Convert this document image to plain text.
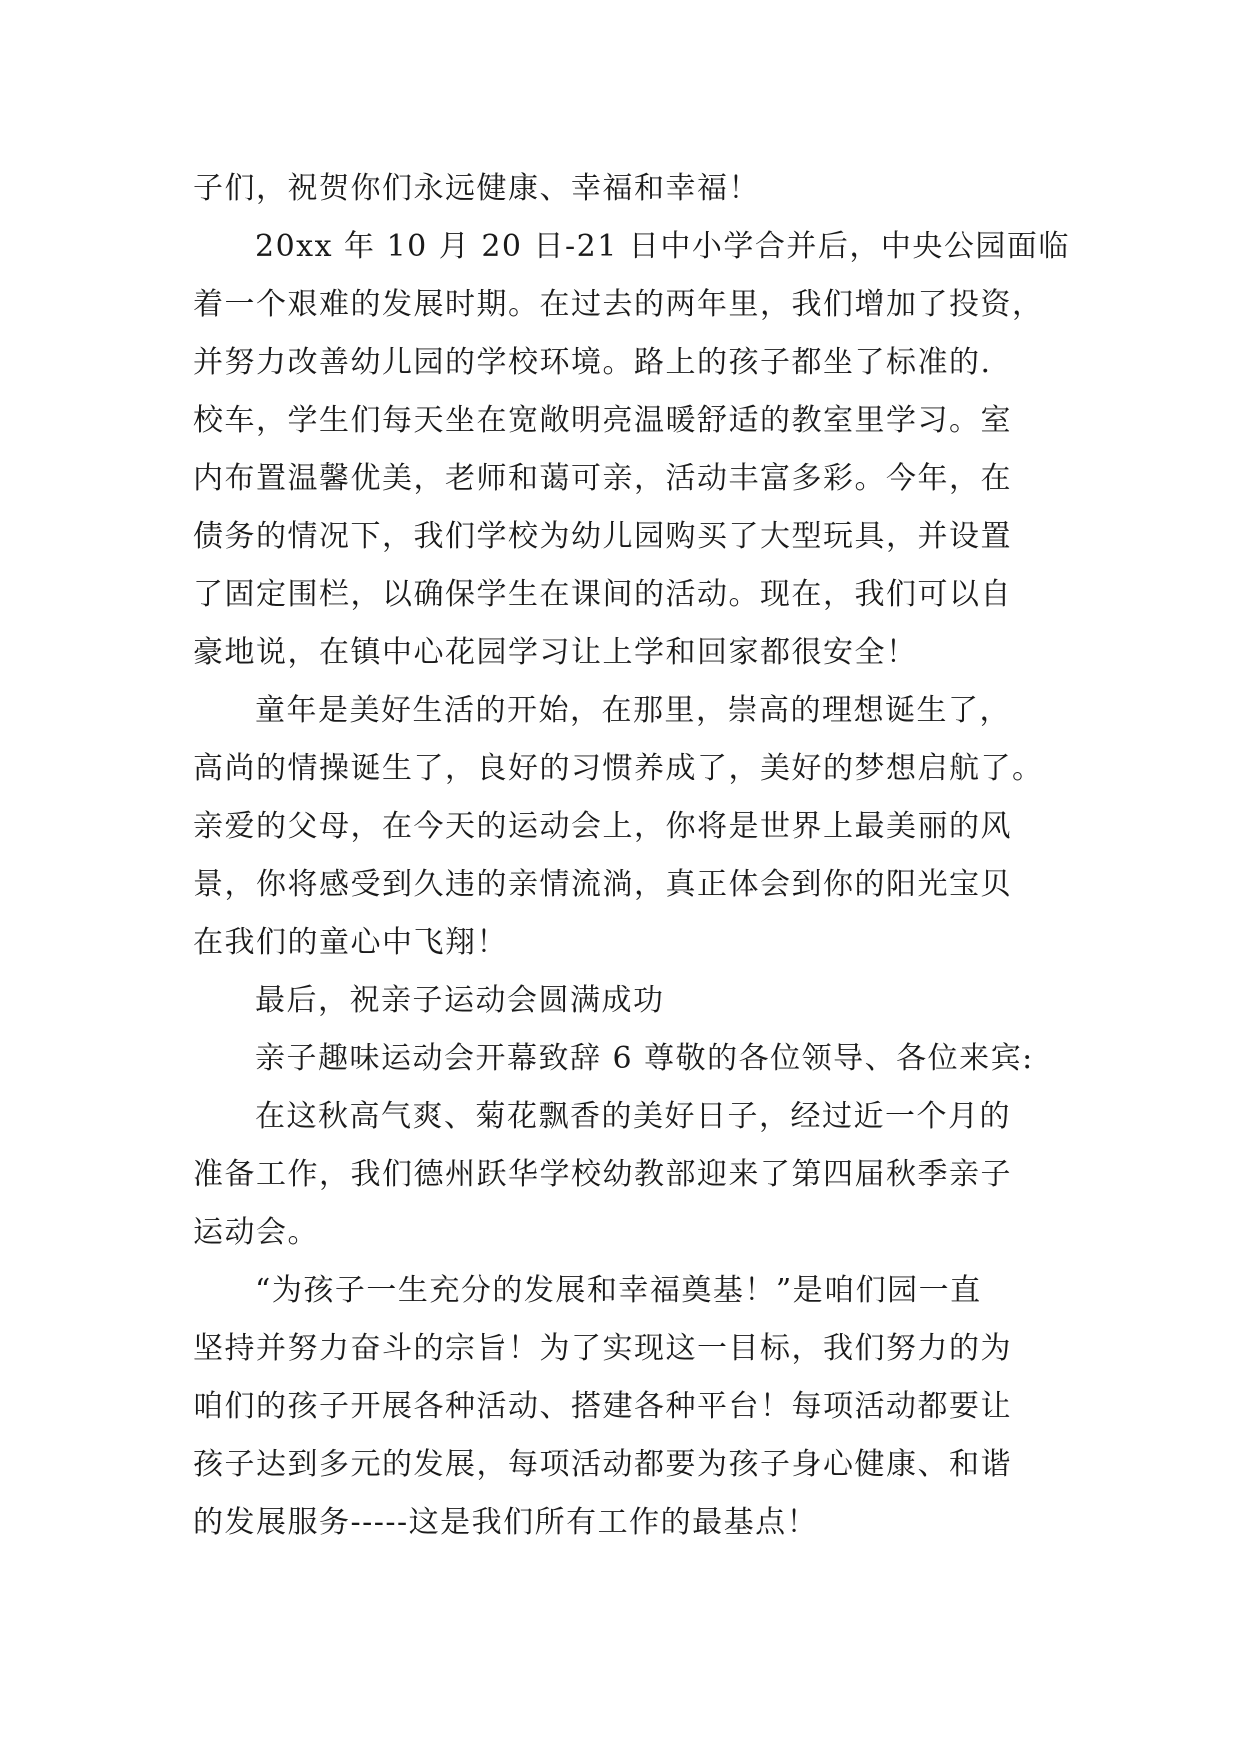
子们，祝贺你们永远健康、幸福和幸福！
20xx 年 10 月 20 日-21 日中小学合并后，中央公园面临
着一个艰难的发展时期。在过去的两年里，我们增加了投资，
并努力改善幼儿园的学校环境。路上的孩子都坐了标准的.
校车，学生们每天坐在宽敞明亮温暖舒适的教室里学习。室
内布置温馨优美，老师和蔼可亲，活动丰富多彩。今年，在
债务的情况下，我们学校为幼儿园购买了大型玩具，并设置
了固定围栏，以确保学生在课间的活动。现在，我们可以自
豪地说，在镇中心花园学习让上学和回家都很安全！
童年是美好生活的开始，在那里，崇高的理想诞生了，
高尚的情操诞生了，良好的习惯养成了，美好的梦想启航了。
亲爱的父母，在今天的运动会上，你将是世界上最美丽的风
景，你将感受到久违的亲情流淌，真正体会到你的阳光宝贝
在我们的童心中飞翔！
最后，祝亲子运动会圆满成功
亲子趣味运动会开幕致辞 6 尊敬的各位领导、各位来宾:
在这秋高气爽、菊花飘香的美好日子，经过近一个月的
准备工作，我们德州跃华学校幼教部迎来了第四届秋季亲子
运动会。
“为孩子一生充分的发展和幸福奠基！”是咱们园一直
坚持并努力奋斗的宗旨！为了实现这一目标，我们努力的为
咱们的孩子开展各种活动、搭建各种平台！每项活动都要让
孩子达到多元的发展，每项活动都要为孩子身心健康、和谐
的发展服务-----这是我们所有工作的最基点！
